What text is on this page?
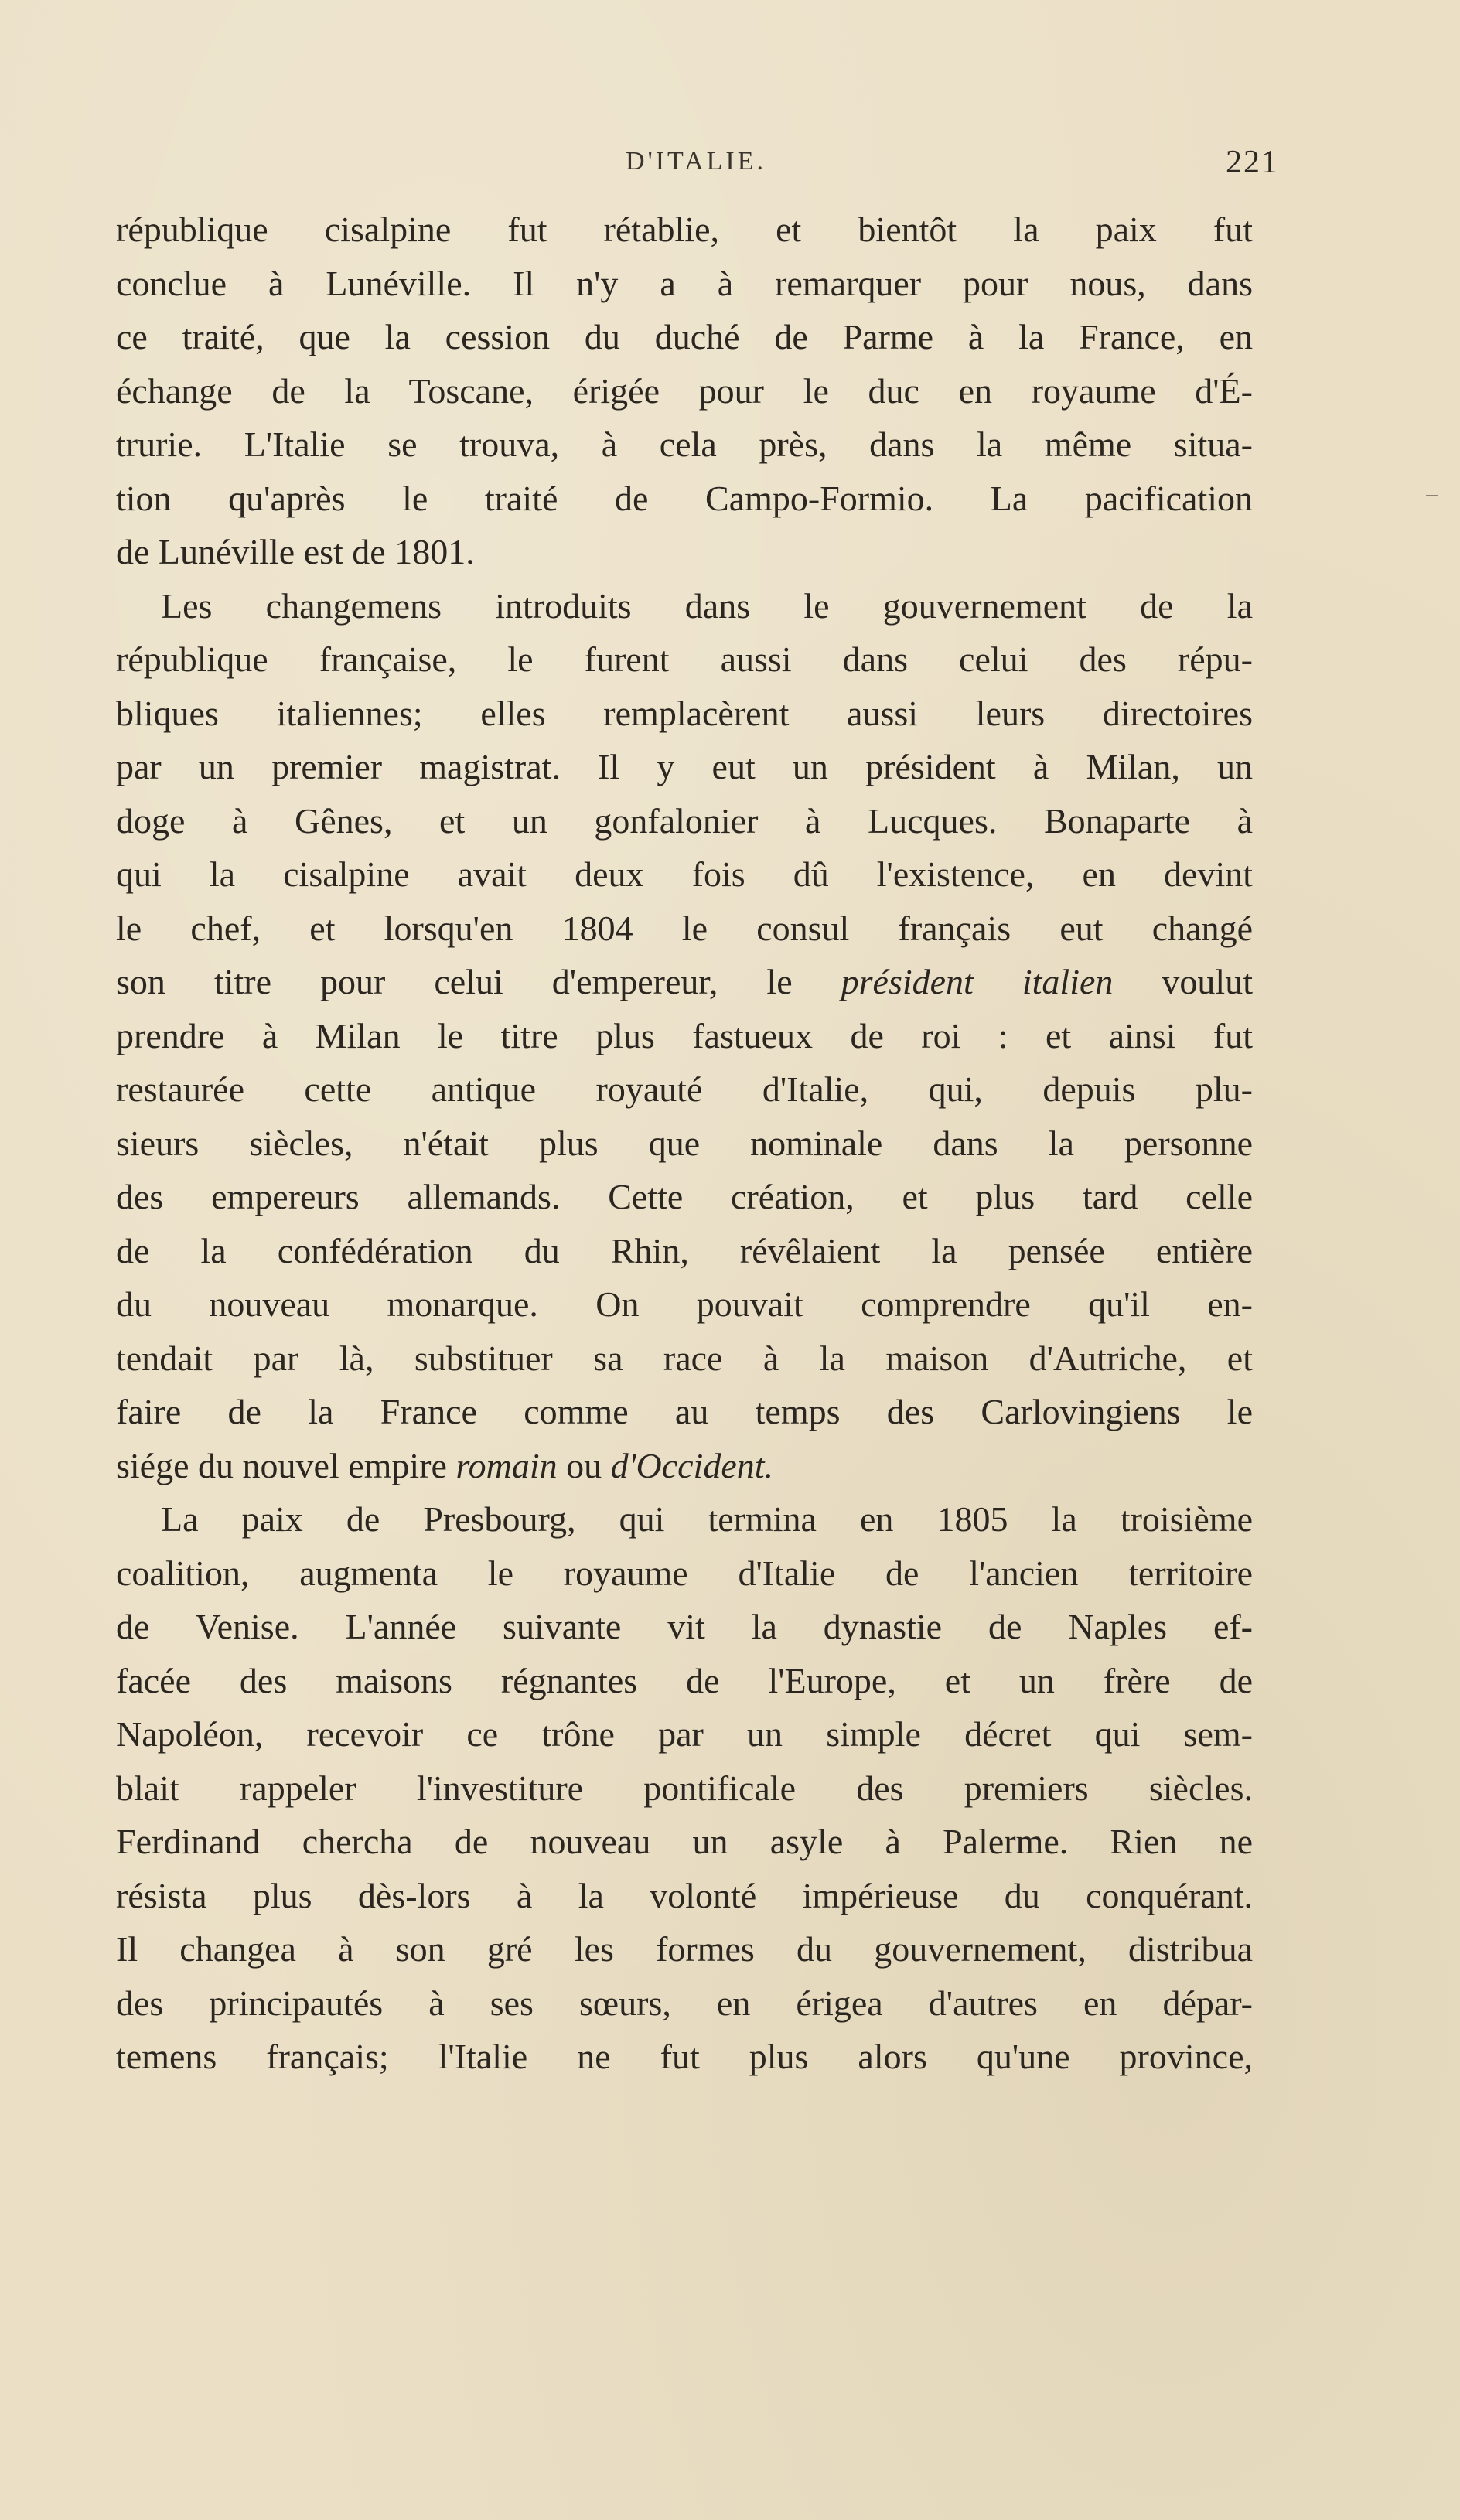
D'ITALIE.	221
république cisalpine fut rétablie, et bientôt la paix fut
conclue à Lunéville. Il n'y a à remarquer pour nous, dans
ce traité, que la cession du duché de Parme à la France, en
échange de la Toscane, érigée pour le duc en royaume d'É-
trurie. L'Italie se trouva, à cela près, dans la même situa-
tion qu'après le traité de Campo-Formio. La pacification
de Lunéville est de 1801.
Les changemens introduits dans le gouvernement de la
république française, le furent aussi dans celui des répu-
bliques italiennes; elles remplacèrent aussi leurs directoires
par un premier magistrat. Il y eut un président à Milan, un
doge à Gênes, et un gonfalonier à Lucques. Bonaparte à
qui la cisalpine avait deux fois dû l'existence, en devint
le chef, et lorsqu'en 1804 le consul français eut changé
son titre pour celui d'empereur, le président italien voulut
prendre à Milan le titre plus fastueux de roi : et ainsi fut
restaurée cette antique royauté d'Italie, qui, depuis plu-
sieurs siècles, n'était plus que nominale dans la personne
des empereurs allemands. Cette création, et plus tard celle
de la confédération du Rhin, révêlaient la pensée entière
du nouveau monarque. On pouvait comprendre qu'il en-
tendait par là, substituer sa race à la maison d'Autriche, et
faire de la France comme au temps des Carlovingiens le
siége du nouvel empire romain ou d'Occident.
La paix de Presbourg, qui termina en 1805 la troisième
coalition, augmenta le royaume d'Italie de l'ancien territoire
de Venise. L'année suivante vit la dynastie de Naples ef-
facée des maisons régnantes de l'Europe, et un frère de
Napoléon, recevoir ce trône par un simple décret qui sem-
blait rappeler l'investiture pontificale des premiers siècles.
Ferdinand chercha de nouveau un asyle à Palerme. Rien ne
résista plus dès-lors à la volonté impérieuse du conquérant.
Il changea à son gré les formes du gouvernement, distribua
des principautés à ses sœurs, en érigea d'autres en dépar-
temens français; l'Italie ne fut plus alors qu'une province,
